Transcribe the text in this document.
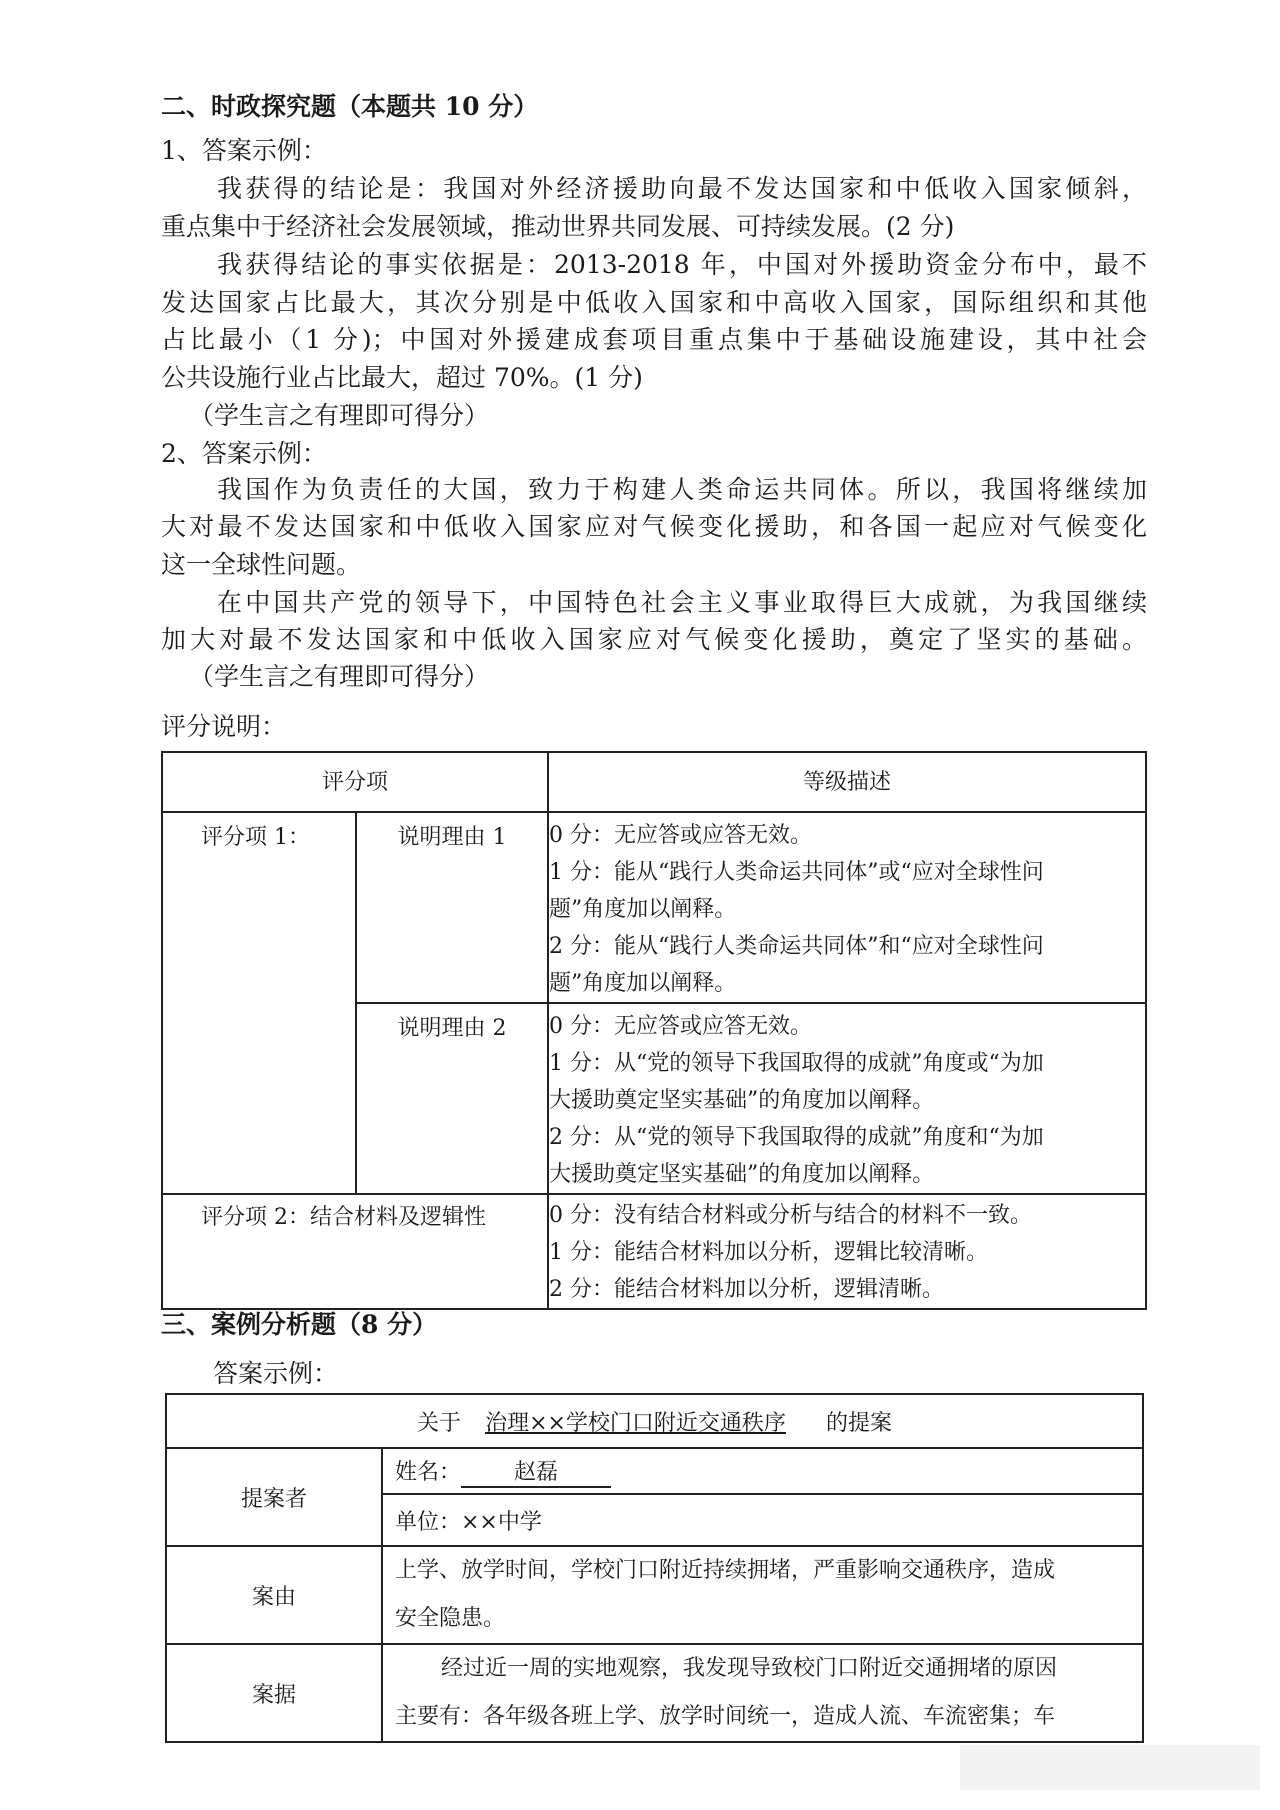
二、时政探究题（本题共 10 分）
1、答案示例：
我获得的结论是：我国对外经济援助向最不发达国家和中低收入国家倾斜，
重点集中于经济社会发展领域，推动世界共同发展、可持续发展。(2 分)
我获得结论的事实依据是：2013-2018 年，中国对外援助资金分布中，最不
发达国家占比最大，其次分别是中低收入国家和中高收入国家，国际组织和其他
占比最小（1 分)；中国对外援建成套项目重点集中于基础设施建设，其中社会
公共设施行业占比最大，超过 70%。(1 分)
（学生言之有理即可得分）
2、答案示例：
我国作为负责任的大国，致力于构建人类命运共同体。所以，我国将继续加
大对最不发达国家和中低收入国家应对气候变化援助，和各国一起应对气候变化
这一全球性问题。
在中国共产党的领导下，中国特色社会主义事业取得巨大成就，为我国继续
加大对最不发达国家和中低收入国家应对气候变化援助，奠定了坚实的基础。
（学生言之有理即可得分）
评分说明：
评分项		等级描述
评分项 1：	说明理由 1	0 分：无应答或应答无效。
1 分：能从“践行人类命运共同体”或“应对全球性问
题”角度加以阐释。
2 分：能从“践行人类命运共同体”和“应对全球性问
题”角度加以阐释。

	说明理由 2	0 分：无应答或应答无效。
1 分：从“党的领导下我国取得的成就”角度或“为加
大援助奠定坚实基础”的角度加以阐释。
2 分：从“党的领导下我国取得的成就”角度和“为加
大援助奠定坚实基础”的角度加以阐释。

评分项 2：结合材料及逻辑性		0 分：没有结合材料或分析与结合的材料不一致。
1 分：能结合材料加以分析，逻辑比较清晰。
2 分：能结合材料加以分析，逻辑清晰。
三、案例分析题（8 分）
答案示例：
关于 治理××学校门口附近交通秩序 的提案	
提案者	姓名： 赵磊
	单位：××中学
案由	上学、放学时间，学校门口附近持续拥堵，严重影响交通秩序，造成
安全隐患。

案据	经过近一周的实地观察，我发现导致校门口附近交通拥堵的原因
主要有：各年级各班上学、放学时间统一，造成人流、车流密集；车
